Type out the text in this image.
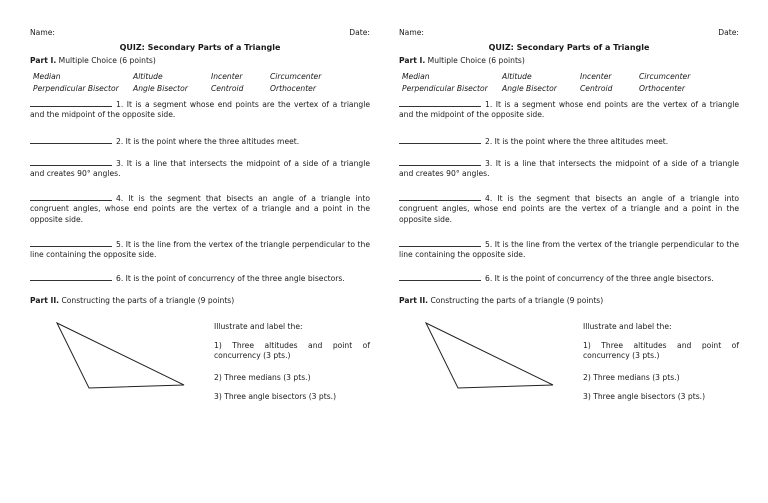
Name:	Date:
QUIZ: Secondary Parts of a Triangle
Part I. Multiple Choice (6 points)
Median	Altitude	Incenter	Circumcenter
Perpendicular Bisector	Angle Bisector	Centroid	Orthocenter
1. It is a segment whose end points are the vertex of a triangle and the midpoint of the opposite side.
2. It is the point where the three altitudes meet.
3. It is a line that intersects the midpoint of a side of a triangle and creates 90° angles.
4. It is the segment that bisects an angle of a triangle into congruent angles, whose end points are the vertex of a triangle and a point in the opposite side.
5. It is the line from the vertex of the triangle perpendicular to the line containing the opposite side.
6. It is the point of concurrency of the three angle bisectors.
Part II. Constructing the parts of a triangle (9 points)
Illustrate and label the:
1) Three altitudes and point of concurrency (3 pts.)
2) Three medians (3 pts.)
3) Three angle bisectors (3 pts.)
Name:	Date:
QUIZ: Secondary Parts of a Triangle
Part I. Multiple Choice (6 points)
Median	Altitude	Incenter	Circumcenter
Perpendicular Bisector	Angle Bisector	Centroid	Orthocenter
1. It is a segment whose end points are the vertex of a triangle and the midpoint of the opposite side.
2. It is the point where the three altitudes meet.
3. It is a line that intersects the midpoint of a side of a triangle and creates 90° angles.
4. It is the segment that bisects an angle of a triangle into congruent angles, whose end points are the vertex of a triangle and a point in the opposite side.
5. It is the line from the vertex of the triangle perpendicular to the line containing the opposite side.
6. It is the point of concurrency of the three angle bisectors.
Part II. Constructing the parts of a triangle (9 points)
Illustrate and label the:
1) Three altitudes and point of concurrency (3 pts.)
2) Three medians (3 pts.)
3) Three angle bisectors (3 pts.)
